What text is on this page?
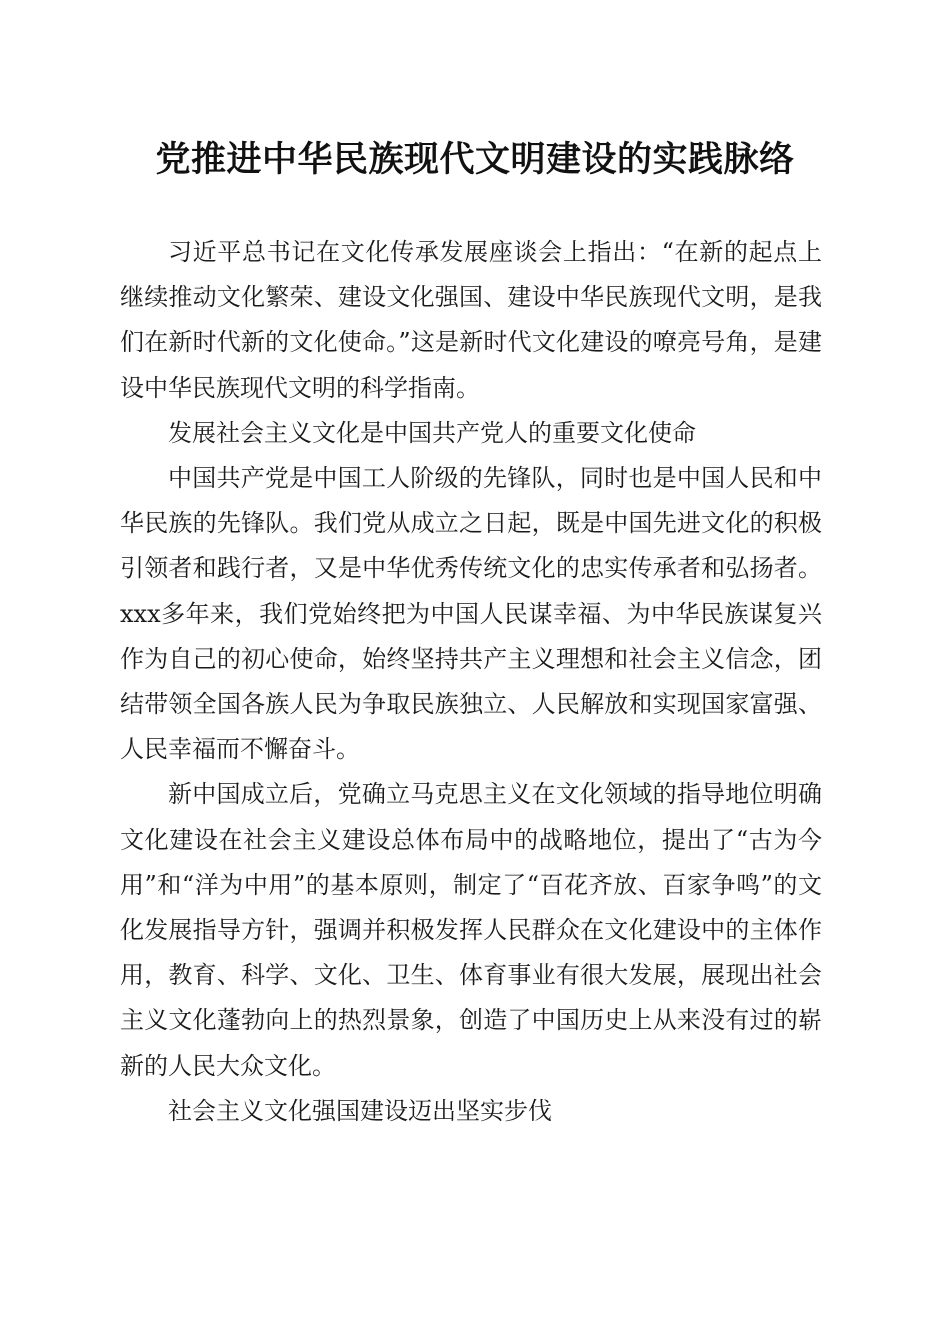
党推进中华民族现代文明建设的实践脉络

习近平总书记在文化传承发展座谈会上指出：“在新的起点上继续推动文化繁荣、建设文化强国、建设中华民族现代文明，是我们在新时代新的文化使命。”这是新时代文化建设的嘹亮号角，是建设中华民族现代文明的科学指南。

发展社会主义文化是中国共产党人的重要文化使命

中国共产党是中国工人阶级的先锋队，同时也是中国人民和中华民族的先锋队。我们党从成立之日起，既是中国先进文化的积极引领者和践行者，又是中华优秀传统文化的忠实传承者和弘扬者。xxx多年来，我们党始终把为中国人民谋幸福、为中华民族谋复兴作为自己的初心使命，始终坚持共产主义理想和社会主义信念，团结带领全国各族人民为争取民族独立、人民解放和实现国家富强、人民幸福而不懈奋斗。

新中国成立后，党确立马克思主义在文化领域的指导地位明确文化建设在社会主义建设总体布局中的战略地位，提出了“古为今用”和“洋为中用”的基本原则，制定了“百花齐放、百家争鸣”的文化发展指导方针，强调并积极发挥人民群众在文化建设中的主体作用，教育、科学、文化、卫生、体育事业有很大发展，展现出社会主义文化蓬勃向上的热烈景象，创造了中国历史上从来没有过的崭新的人民大众文化。

社会主义文化强国建设迈出坚实步伐
